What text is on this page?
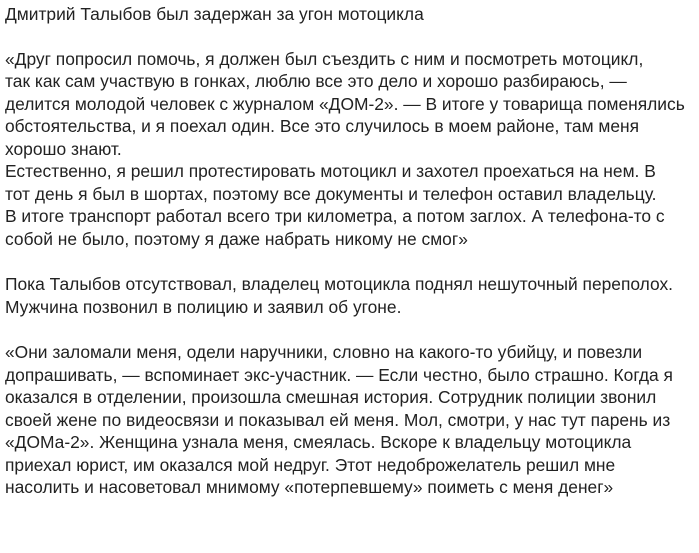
Дмитрий Талыбов был задержан за угон мотоцикла

«Друг попросил помочь, я должен был съездить с ним и посмотреть мотоцикл,
так как сам участвую в гонках, люблю все это дело и хорошо разбираюсь, —
делится молодой человек с журналом «ДОМ-2». — В итоге у товарища поменялись
обстоятельства, и я поехал один. Все это случилось в моем районе, там меня
хорошо знают.
Естественно, я решил протестировать мотоцикл и захотел проехаться на нем. В
тот день я был в шортах, поэтому все документы и телефон оставил владельцу.
В итоге транспорт работал всего три километра, а потом заглох. А телефона-то с
собой не было, поэтому я даже набрать никому не смог»

Пока Талыбов отсутствовал, владелец мотоцикла поднял нешуточный переполох.
Мужчина позвонил в полицию и заявил об угоне.

«Они заломали меня, одели наручники, словно на какого-то убийцу, и повезли
допрашивать, — вспоминает экс-участник. — Если честно, было страшно. Когда я
оказался в отделении, произошла смешная история. Сотрудник полиции звонил
своей жене по видеосвязи и показывал ей меня. Мол, смотри, у нас тут парень из
«ДОМа-2». Женщина узнала меня, смеялась. Вскоре к владельцу мотоцикла
приехал юрист, им оказался мой недруг. Этот недоброжелатель решил мне
насолить и насоветовал мнимому «потерпевшему» поиметь с меня денег»
